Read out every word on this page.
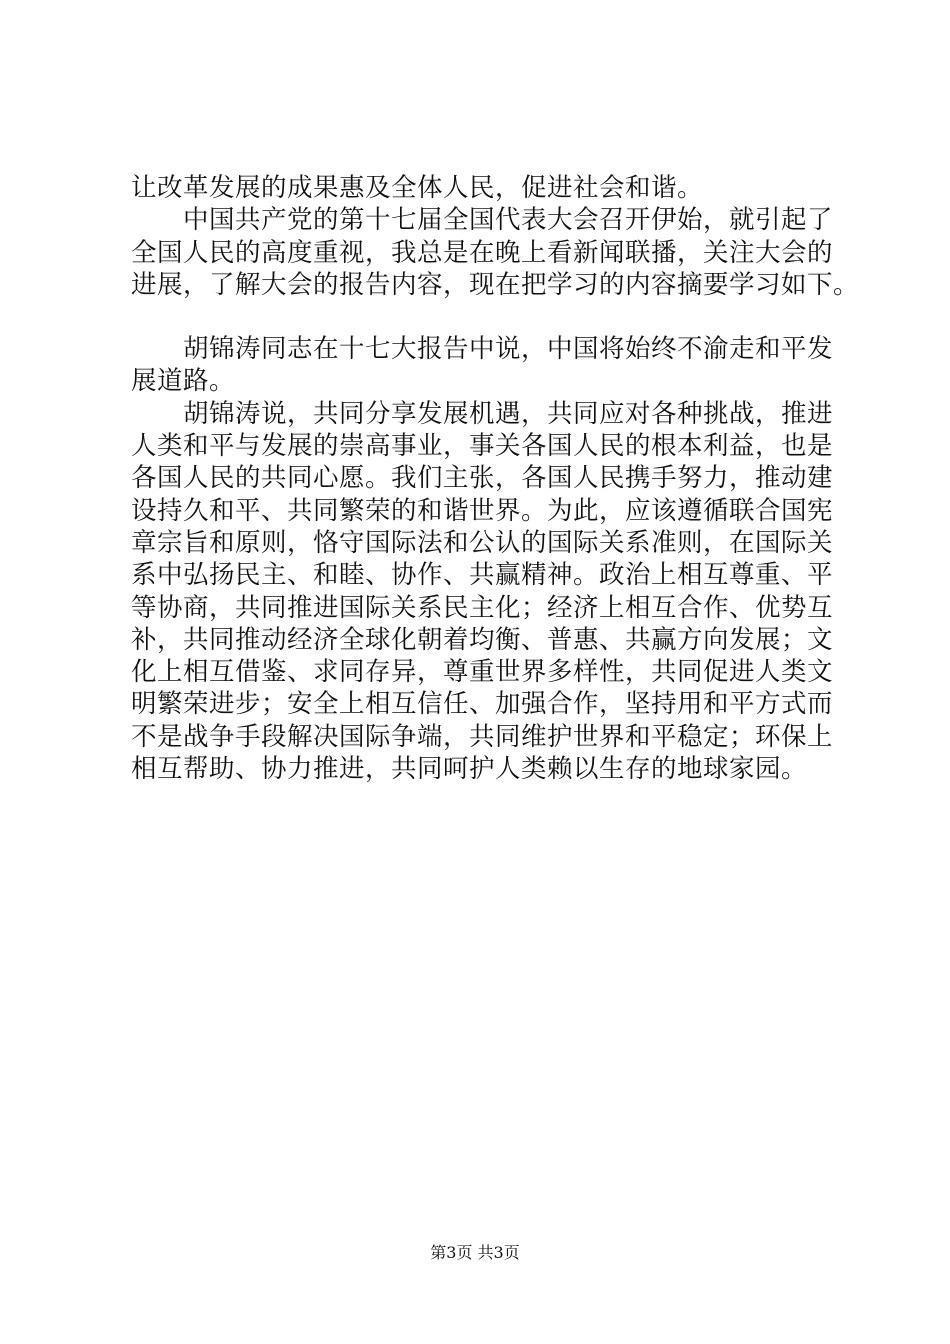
让改革发展的成果惠及全体人民，促进社会和谐。
中国共产党的第十七届全国代表大会召开伊始，就引起了
全国人民的高度重视，我总是在晚上看新闻联播，关注大会的
进展，了解大会的报告内容，现在把学习的内容摘要学习如下。
胡锦涛同志在十七大报告中说，中国将始终不渝走和平发
展道路。
胡锦涛说，共同分享发展机遇，共同应对各种挑战，推进
人类和平与发展的崇高事业，事关各国人民的根本利益，也是
各国人民的共同心愿。我们主张，各国人民携手努力，推动建
设持久和平、共同繁荣的和谐世界。为此，应该遵循联合国宪
章宗旨和原则，恪守国际法和公认的国际关系准则，在国际关
系中弘扬民主、和睦、协作、共赢精神。政治上相互尊重、平
等协商，共同推进国际关系民主化；经济上相互合作、优势互
补，共同推动经济全球化朝着均衡、普惠、共赢方向发展；文
化上相互借鉴、求同存异，尊重世界多样性，共同促进人类文
明繁荣进步；安全上相互信任、加强合作，坚持用和平方式而
不是战争手段解决国际争端，共同维护世界和平稳定；环保上
相互帮助、协力推进，共同呵护人类赖以生存的地球家园。
第3页 共3页
